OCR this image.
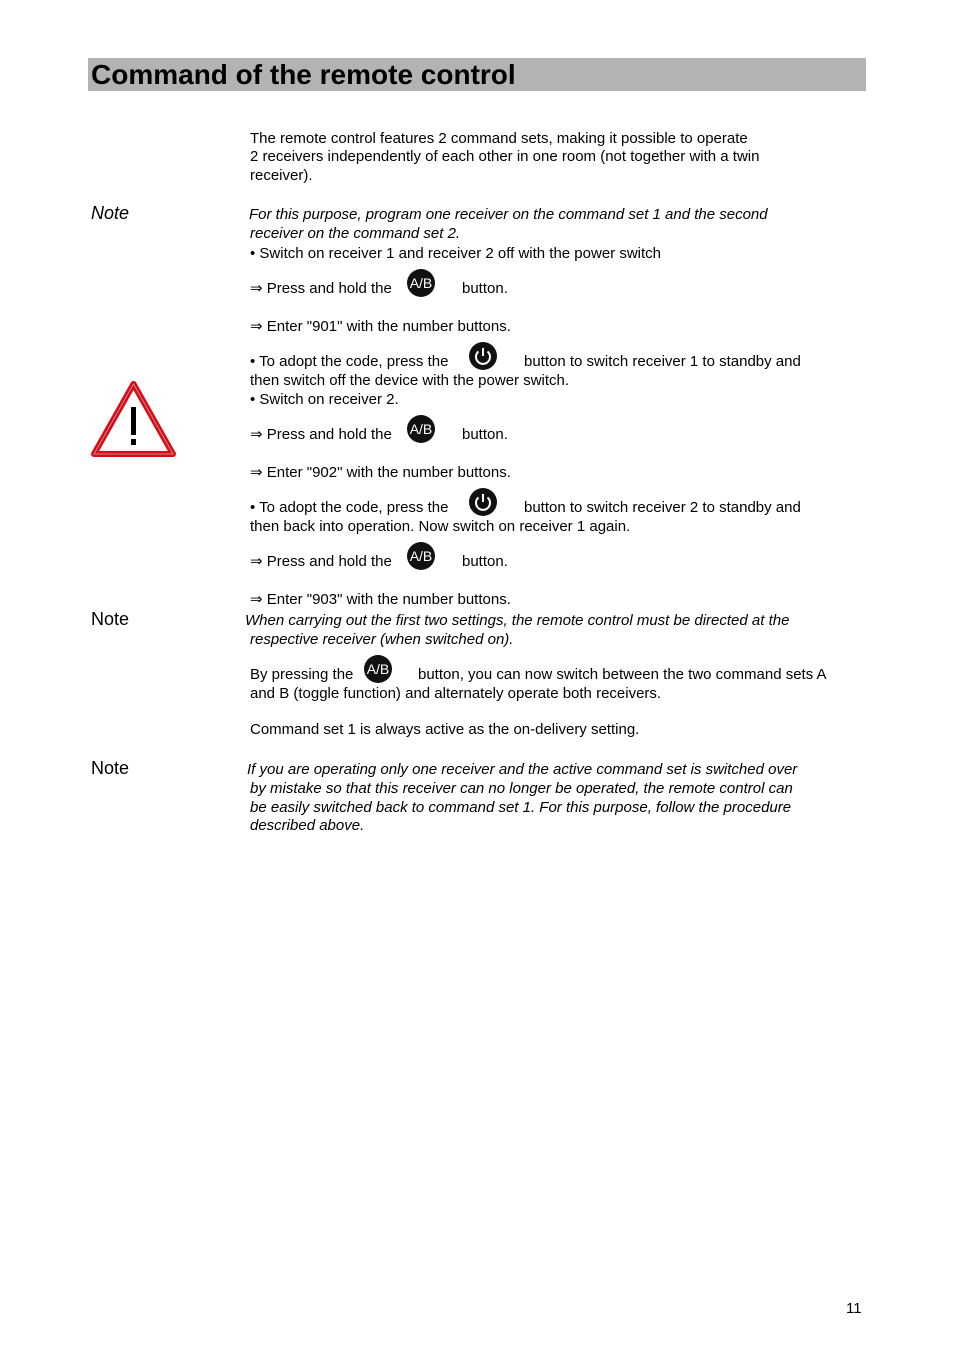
Command of the remote control
The remote control features 2 command sets, making it possible to operate
2 receivers independently of each other in one room (not together with a twin
receiver).
Note	For this purpose, program one receiver on the command set 1 and the second
receiver on the command set 2.
• Switch on receiver 1 and receiver 2 off with the power switch
⇒ Press and hold the A/B button.
⇒ Enter "901" with the number buttons.
• To adopt the code, press the	button to switch receiver 1 to standby and
then switch off the device with the power switch.
• Switch on receiver 2.
⇒ Press and hold the A/B button.
⇒ Enter "902" with the number buttons.
• To adopt the code, press the	button to switch receiver 2 to standby and
then back into operation. Now switch on receiver 1 again.
⇒ Press and hold the A/B button.
⇒ Enter "903" with the number buttons.
Note	When carrying out the first two settings, the remote control must be directed at the
respective receiver (when switched on).
By pressing the A/B button, you can now switch between the two command sets A
and B (toggle function) and alternately operate both receivers.
Command set 1 is always active as the on-delivery setting.
Note	If you are operating only one receiver and the active command set is switched over
by mistake so that this receiver can no longer be operated, the remote control can
be easily switched back to command set 1. For this purpose, follow the procedure
described above.
11
